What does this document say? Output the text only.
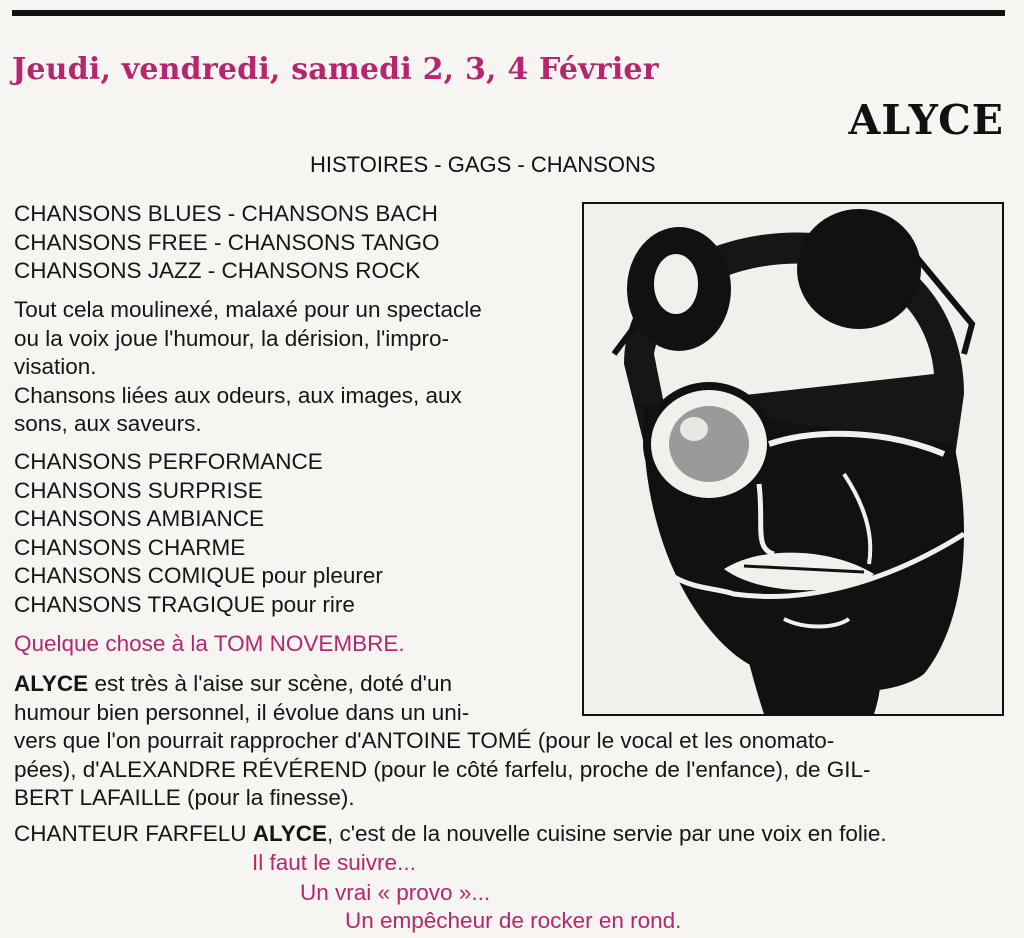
Jeudi, vendredi, samedi 2, 3, 4 Février
ALYCE
HISTOIRES - GAGS - CHANSONS
CHANSONS BLUES - CHANSONS BACH
CHANSONS FREE - CHANSONS TANGO
CHANSONS JAZZ - CHANSONS ROCK
Tout cela moulinexé, malaxé pour un spectacle
ou la voix joue l'humour, la dérision, l'impro-
visation.
Chansons liées aux odeurs, aux images, aux
sons, aux saveurs.
CHANSONS PERFORMANCE
CHANSONS SURPRISE
CHANSONS AMBIANCE
CHANSONS CHARME
CHANSONS COMIQUE pour pleurer
CHANSONS TRAGIQUE pour rire
Quelque chose à la TOM NOVEMBRE.
ALYCE est très à l'aise sur scène, doté d'un
humour bien personnel, il évolue dans un uni-
vers que l'on pourrait rapprocher d'ANTOINE TOMÉ (pour le vocal et les onomato-
pées), d'ALEXANDRE RÉVÉREND (pour le côté farfelu, proche de l'enfance), de GIL-
BERT LAFAILLE (pour la finesse).
CHANTEUR FARFELU ALYCE, c'est de la nouvelle cuisine servie par une voix en folie.
Il faut le suivre...
Un vrai « provo »...
Un empêcheur de rocker en rond.
